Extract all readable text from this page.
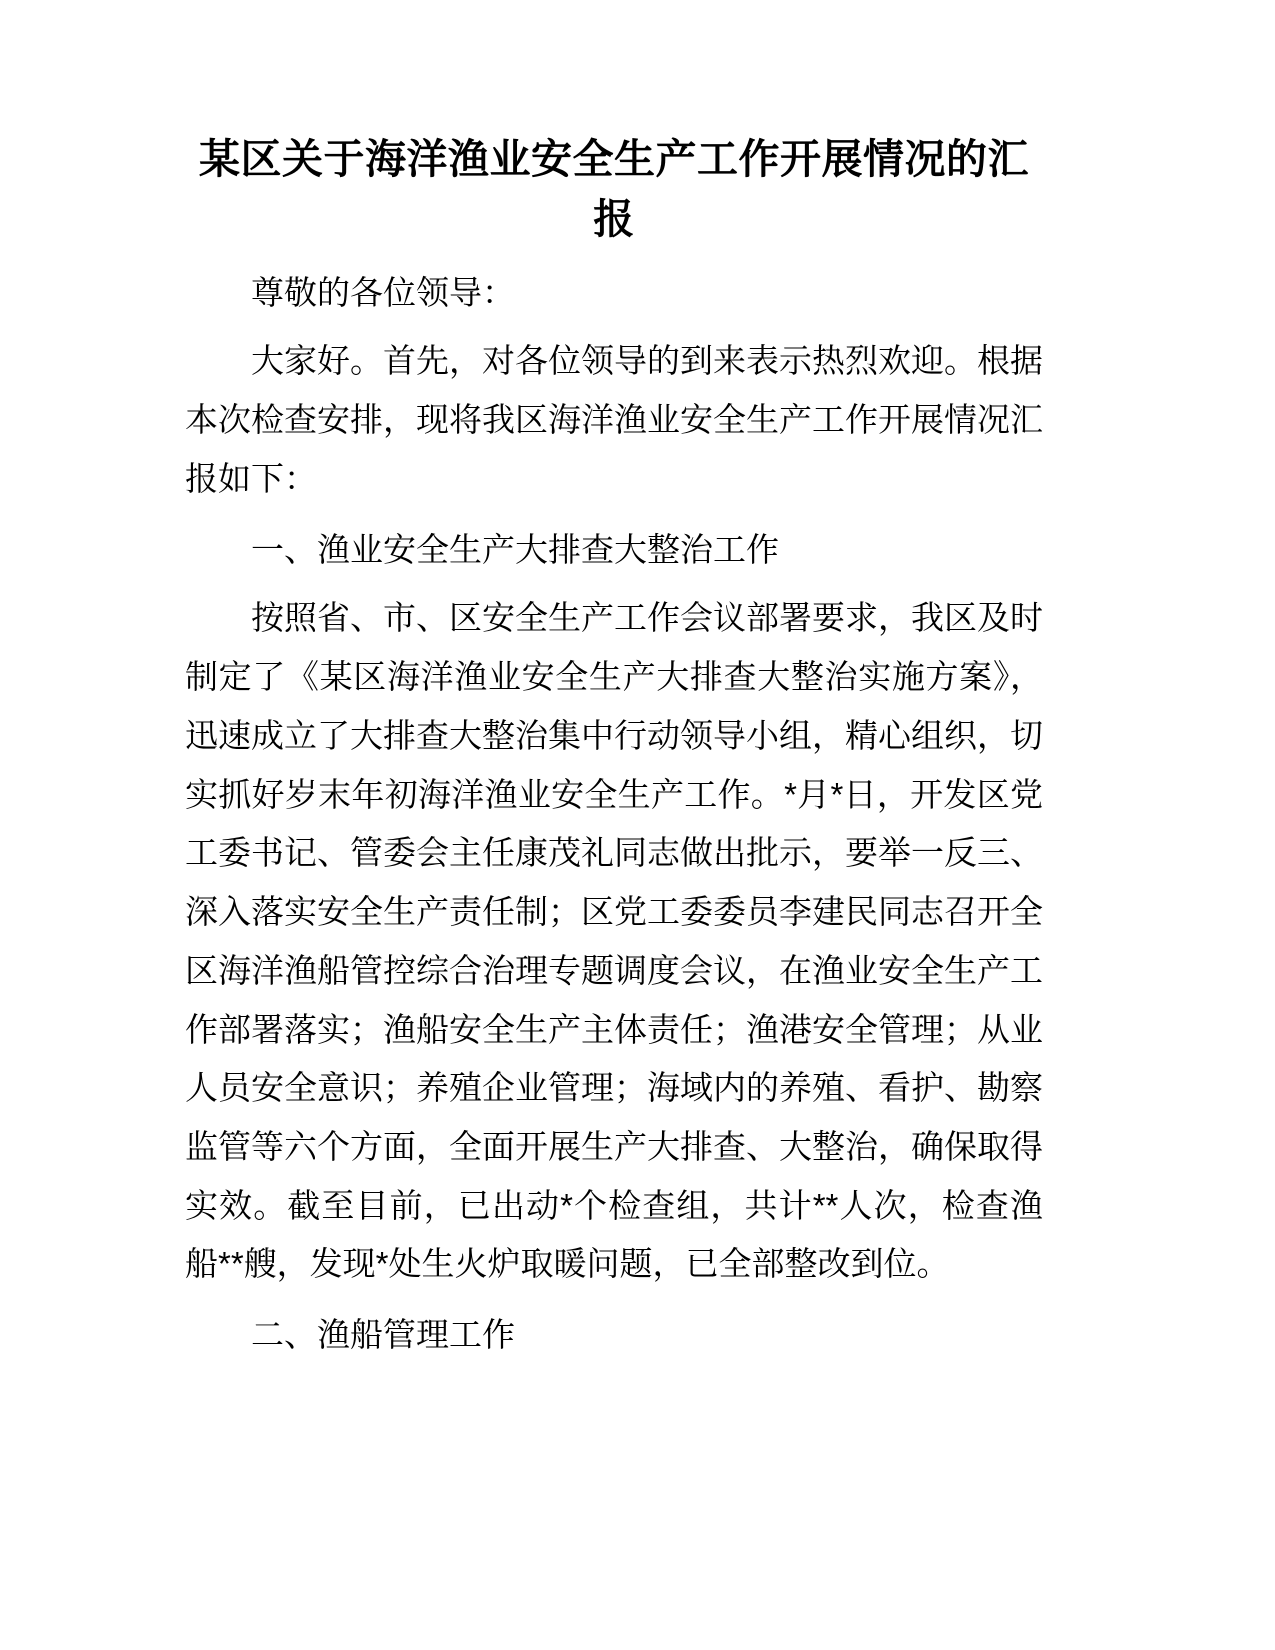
某区关于海洋渔业安全生产工作开展情况的汇报

尊敬的各位领导：

大家好。首先，对各位领导的到来表示热烈欢迎。根据本次检查安排，现将我区海洋渔业安全生产工作开展情况汇报如下：

一、渔业安全生产大排查大整治工作

按照省、市、区安全生产工作会议部署要求，我区及时制定了《某区海洋渔业安全生产大排查大整治实施方案》，迅速成立了大排查大整治集中行动领导小组，精心组织，切实抓好岁末年初海洋渔业安全生产工作。*月*日，开发区党工委书记、管委会主任康茂礼同志做出批示，要举一反三、深入落实安全生产责任制；区党工委委员李建民同志召开全区海洋渔船管控综合治理专题调度会议，在渔业安全生产工作部署落实；渔船安全生产主体责任；渔港安全管理；从业人员安全意识；养殖企业管理；海域内的养殖、看护、勘察监管等六个方面，全面开展生产大排查、大整治，确保取得实效。截至目前，已出动*个检查组，共计**人次，检查渔船**艘，发现*处生火炉取暖问题，已全部整改到位。

二、渔船管理工作
